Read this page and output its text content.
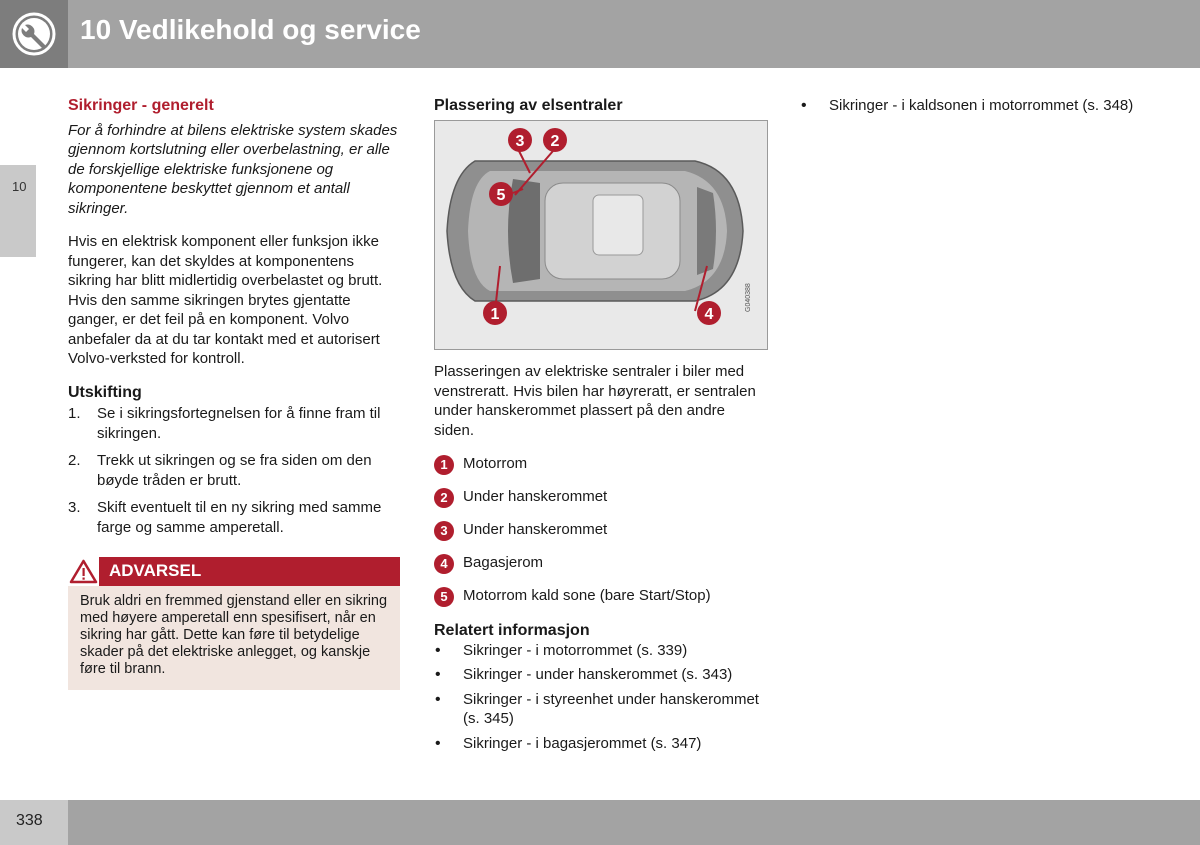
10 Vedlikehold og service
10
Sikringer - generelt
For å forhindre at bilens elektriske system skades gjennom kortslutning eller overbelastning, er alle de forskjellige elektriske funksjonene og komponentene beskyttet gjennom et antall sikringer.

Hvis en elektrisk komponent eller funksjon ikke fungerer, kan det skyldes at komponentens sikring har blitt midlertidig overbelastet og brutt. Hvis den samme sikringen brytes gjentatte ganger, er det feil på en komponent. Volvo anbefaler da at du tar kontakt med et autorisert Volvo-verksted for kontroll.

Utskifting
1. Se i sikringsfortegnelsen for å finne fram til sikringen.
2. Trekk ut sikringen og se fra siden om den bøyde tråden er brutt.
3. Skift eventuelt til en ny sikring med samme farge og samme amperetall.
ADVARSEL
Bruk aldri en fremmed gjenstand eller en sikring med høyere amperetall enn spesifisert, når en sikring har gått. Dette kan føre til betydelige skader på det elektriske anlegget, og kanskje føre til brann.
Plassering av elsentraler
1
2
3
4
5
G040388

Plasseringen av elektriske sentraler i biler med venstreratt. Hvis bilen har høyreratt, er sentralen under hanskerommet plassert på den andre siden.

1	Motorrom
2	Under hanskerommet
3	Under hanskerommet
4	Bagasjerom
5	Motorrom kald sone (bare Start/Stop)
Relatert informasjon
• Sikringer - i motorrommet (s. 339)
• Sikringer - under hanskerommet (s. 343)
• Sikringer - i styreenhet under hanskerommet (s. 345)
• Sikringer - i bagasjerommet (s. 347)
• Sikringer - i kaldsonen i motorrommet (s. 348)
338
